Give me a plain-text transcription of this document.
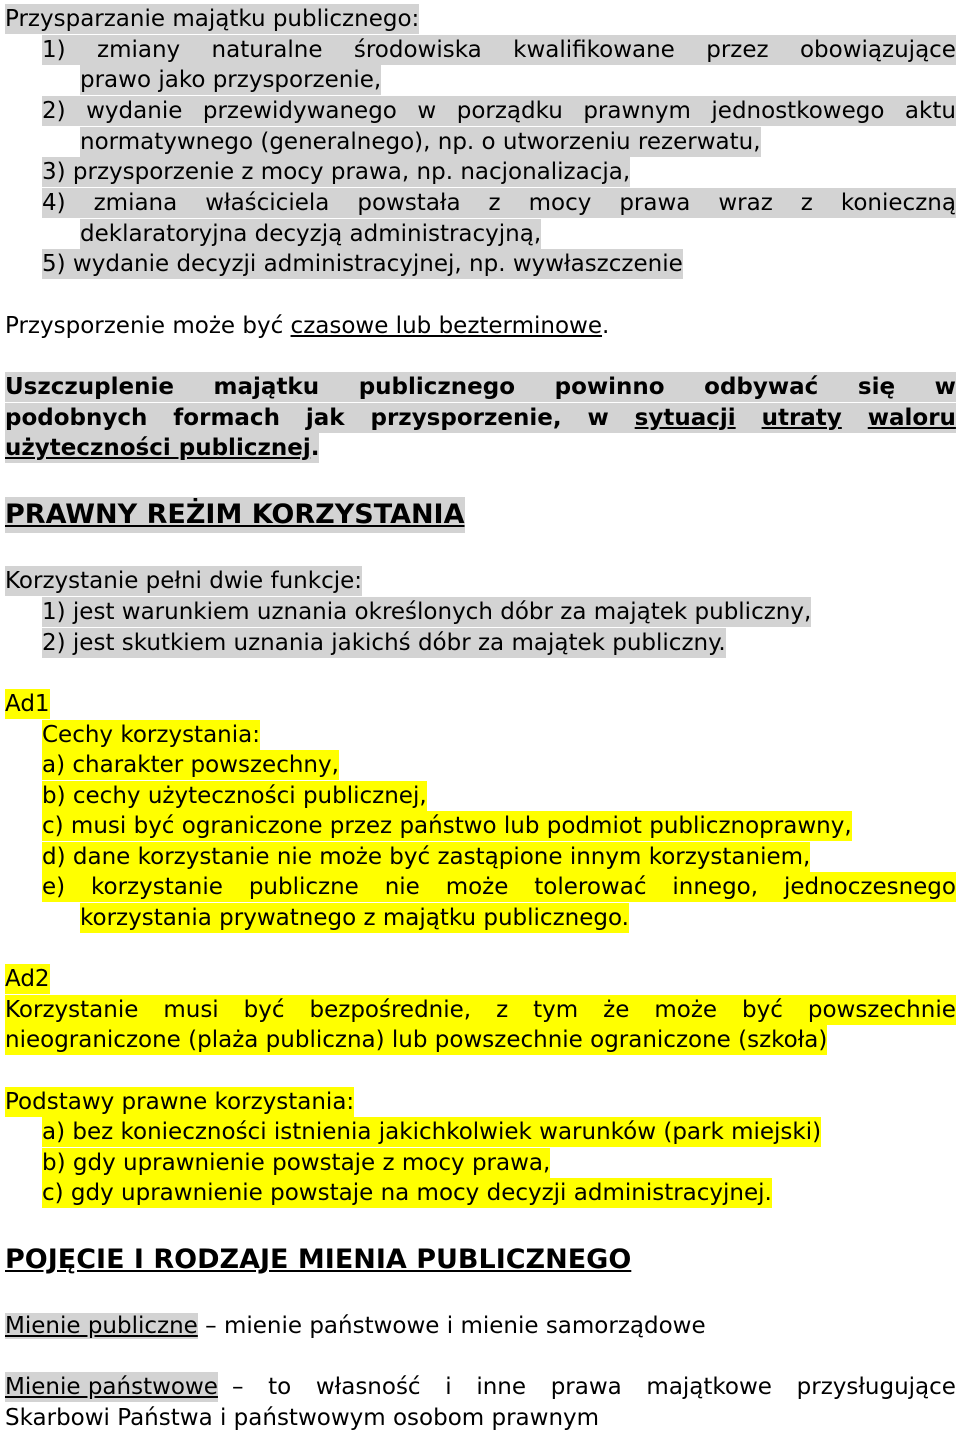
Przysparzanie majątku publicznego:
1) zmiany naturalne środowiska kwalifikowane przez obowiązujące
prawo jako przysporzenie,
2) wydanie przewidywanego w porządku prawnym jednostkowego aktu
normatywnego (generalnego), np. o utworzeniu rezerwatu,
3) przysporzenie z mocy prawa, np. nacjonalizacja,
4) zmiana właściciela powstała z mocy prawa wraz z konieczną
deklaratoryjna decyzją administracyjną,
5) wydanie decyzji administracyjnej, np. wywłaszczenie
Przysporzenie może być czasowe lub bezterminowe.
Uszczuplenie majątku publicznego powinno odbywać się w
podobnych formach jak przysporzenie, w sytuacji utraty waloru
użyteczności publicznej.
PRAWNY REŻIM KORZYSTANIA
Korzystanie pełni dwie funkcje:
1) jest warunkiem uznania określonych dóbr za majątek publiczny,
2) jest skutkiem uznania jakichś dóbr za majątek publiczny.
Ad1
Cechy korzystania:
a) charakter powszechny,
b) cechy użyteczności publicznej,
c) musi być ograniczone przez państwo lub podmiot publicznoprawny,
d) dane korzystanie nie może być zastąpione innym korzystaniem,
e) korzystanie publiczne nie może tolerować innego, jednoczesnego
korzystania prywatnego z majątku publicznego.
Ad2
Korzystanie musi być bezpośrednie, z tym że może być powszechnie
nieograniczone (plaża publiczna) lub powszechnie ograniczone (szkoła)
Podstawy prawne korzystania:
a) bez konieczności istnienia jakichkolwiek warunków (park miejski)
b) gdy uprawnienie powstaje z mocy prawa,
c) gdy uprawnienie powstaje na mocy decyzji administracyjnej.
POJĘCIE I RODZAJE MIENIA PUBLICZNEGO
Mienie publiczne – mienie państwowe i mienie samorządowe
Mienie państwowe – to własność i inne prawa majątkowe przysługujące
Skarbowi Państwa i państwowym osobom prawnym
